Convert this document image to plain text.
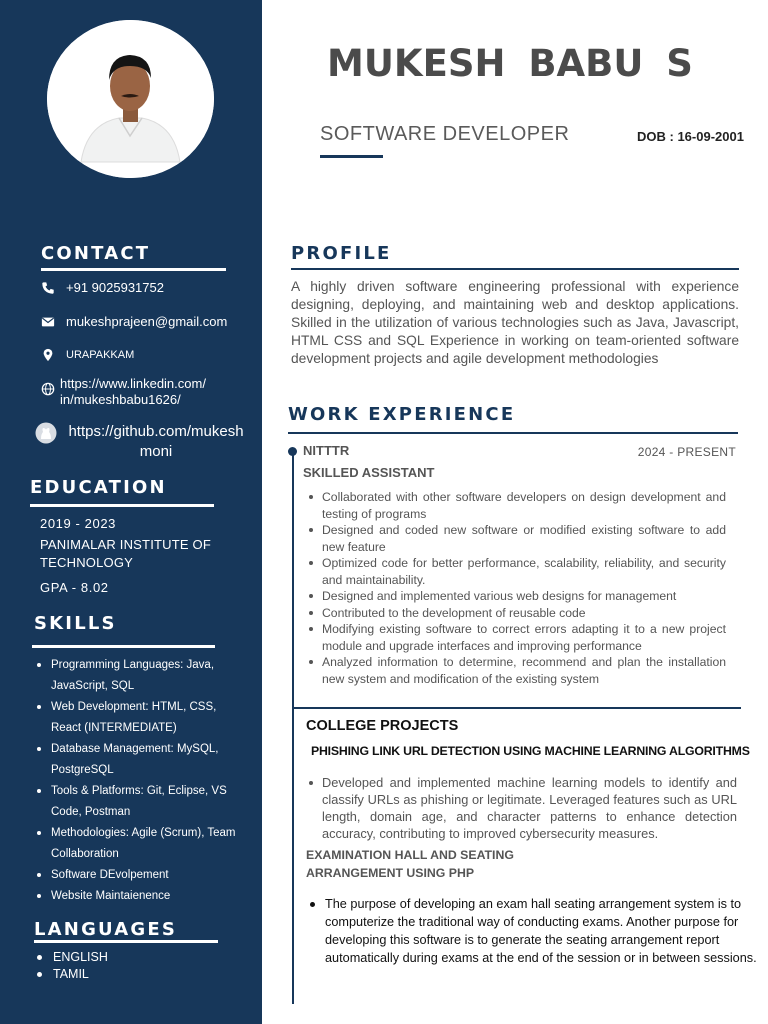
CONTACT
+91 9025931752
mukeshprajeen@gmail.com
URAPAKKAM
https://www.linkedin.com/ in/mukeshbabu1626/
https://github.com/mukesh moni
EDUCATION
2019 - 2023
PANIMALAR INSTITUTE OF TECHNOLOGY
GPA - 8.02
SKILLS
Programming Languages: Java, JavaScript, SQL
Web Development: HTML, CSS, React (INTERMEDIATE)
Database Management: MySQL, PostgreSQL
Tools & Platforms: Git, Eclipse, VS Code, Postman
Methodologies: Agile (Scrum), Team Collaboration
Software DEvolpement
Website Maintaienence
LANGUAGES
ENGLISH
TAMIL
MUKESH BABU S
SOFTWARE DEVELOPER	DOB : 16-09-2001
PROFILE

A highly driven software engineering professional with experience designing, deploying, and maintaining web and desktop applications. Skilled in the utilization of various technologies such as Java, Javascript, HTML CSS and SQL Experience in working on team-oriented software development projects and agile development methodologies

WORK EXPERIENCE
NITTTR	2024 - PRESENT
SKILLED ASSISTANT
Collaborated with other software developers on design development and testing of programs
Designed and coded new software or modified existing software to add new feature
Optimized code for better performance, scalability, reliability, and security and maintainability.
Designed and implemented various web designs for management
Contributed to the development of reusable code
Modifying existing software to correct errors adapting it to a new project module and upgrade interfaces and improving performance
Analyzed information to determine, recommend and plan the installation new system and modification of the existing system
COLLEGE PROJECTS
PHISHING LINK URL DETECTION USING MACHINE LEARNING ALGORITHMS
Developed and implemented machine learning models to identify and classify URLs as phishing or legitimate. Leveraged features such as URL length, domain age, and character patterns to enhance detection accuracy, contributing to improved cybersecurity measures.
EXAMINATION HALL AND SEATING ARRANGEMENT USING PHP
The purpose of developing an exam hall seating arrangement system is to computerize the traditional way of conducting exams. Another purpose for developing this software is to generate the seating arrangement report automatically during exams at the end of the session or in between sessions.
